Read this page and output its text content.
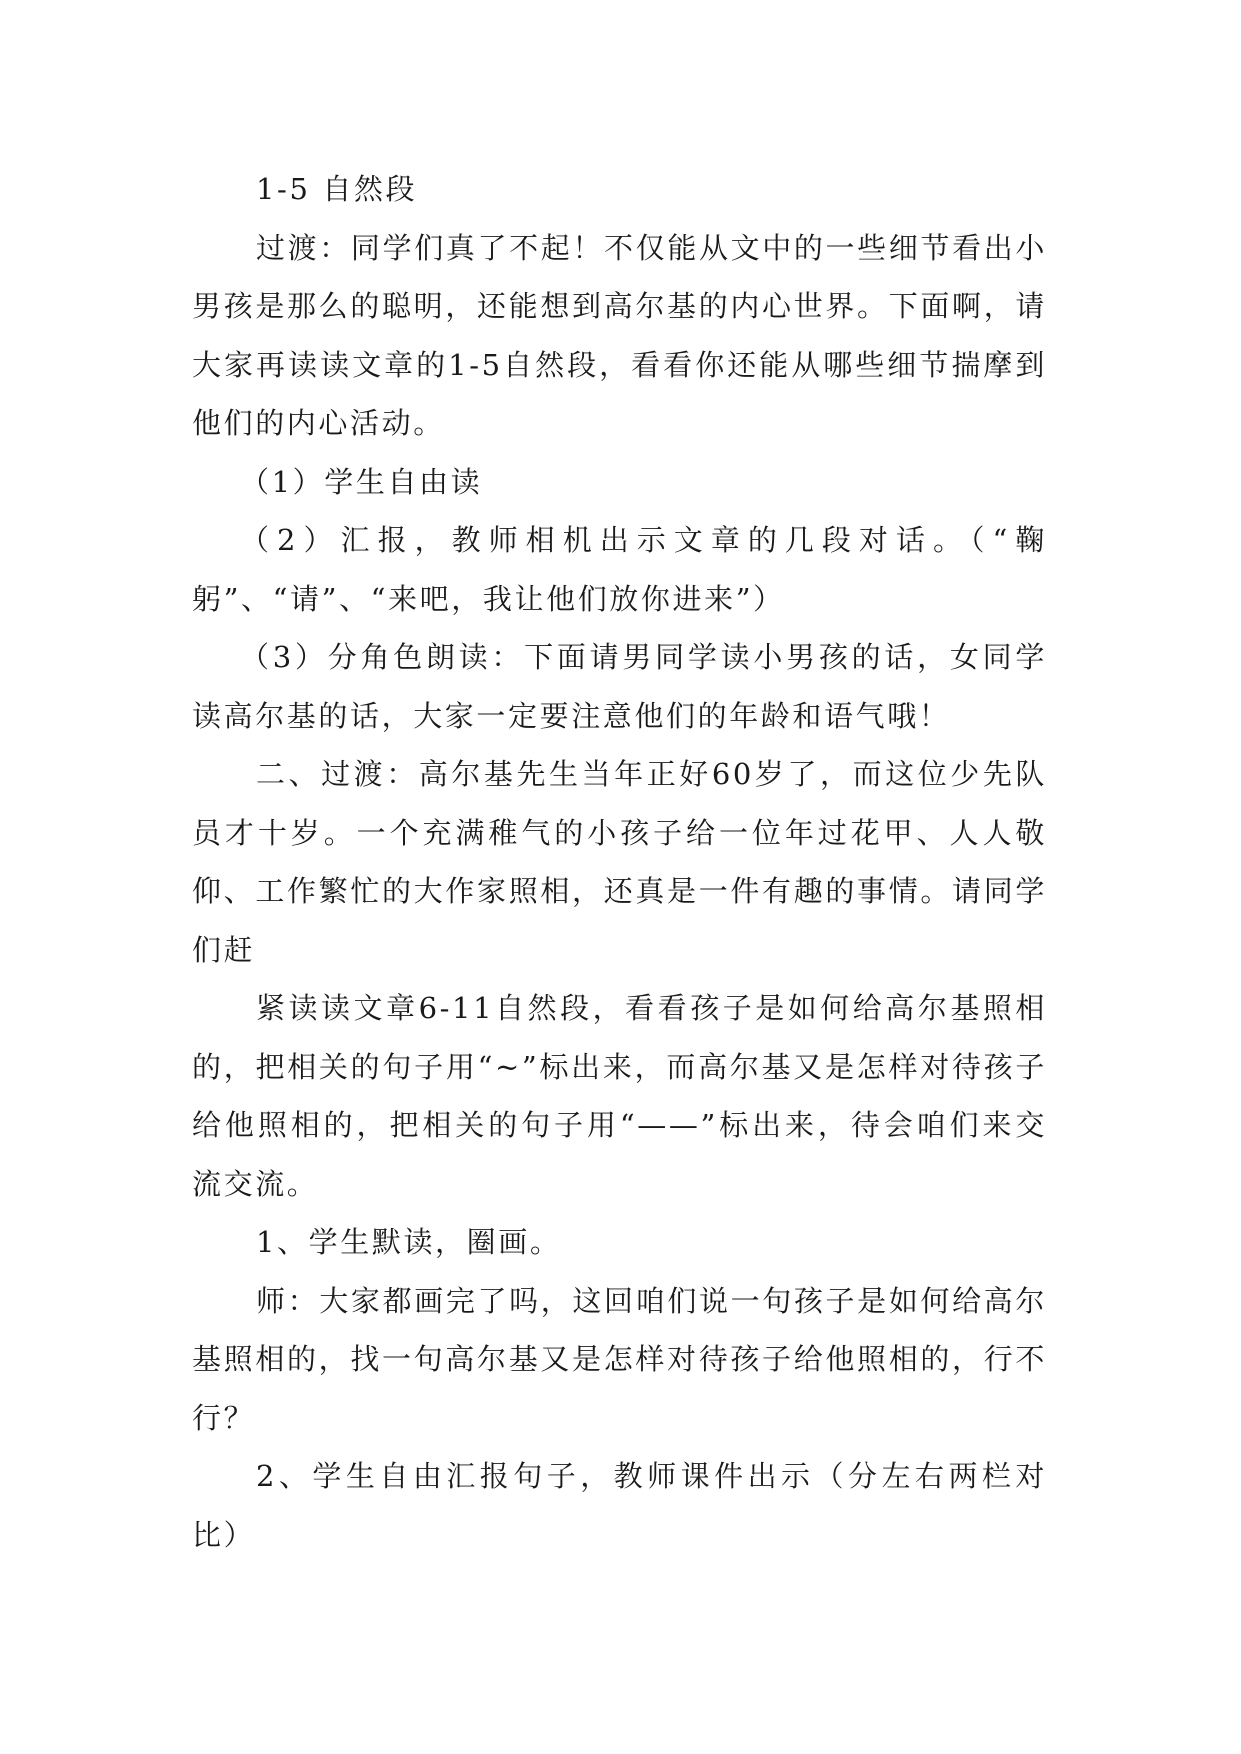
1-5 自然段

过渡：同学们真了不起！不仅能从文中的一些细节看出小男孩是那么的聪明，还能想到高尔基的内心世界。下面啊，请大家再读读文章的1-5自然段，看看你还能从哪些细节揣摩到他们的内心活动。

（1）学生自由读

（2）汇报，教师相机出示文章的几段对话。（“鞠躬”、“请”、“来吧，我让他们放你进来”）

（3）分角色朗读：下面请男同学读小男孩的话，女同学读高尔基的话，大家一定要注意他们的年龄和语气哦！

二、过渡：高尔基先生当年正好60岁了，而这位少先队员才十岁。一个充满稚气的小孩子给一位年过花甲、人人敬仰、工作繁忙的大作家照相，还真是一件有趣的事情。请同学们赶

紧读读文章6-11自然段，看看孩子是如何给高尔基照相的，把相关的句子用“~”标出来，而高尔基又是怎样对待孩子给他照相的，把相关的句子用“——”标出来，待会咱们来交流交流。

1、学生默读，圈画。

师：大家都画完了吗，这回咱们说一句孩子是如何给高尔基照相的，找一句高尔基又是怎样对待孩子给他照相的，行不行？

2、学生自由汇报句子，教师课件出示（分左右两栏对比）
